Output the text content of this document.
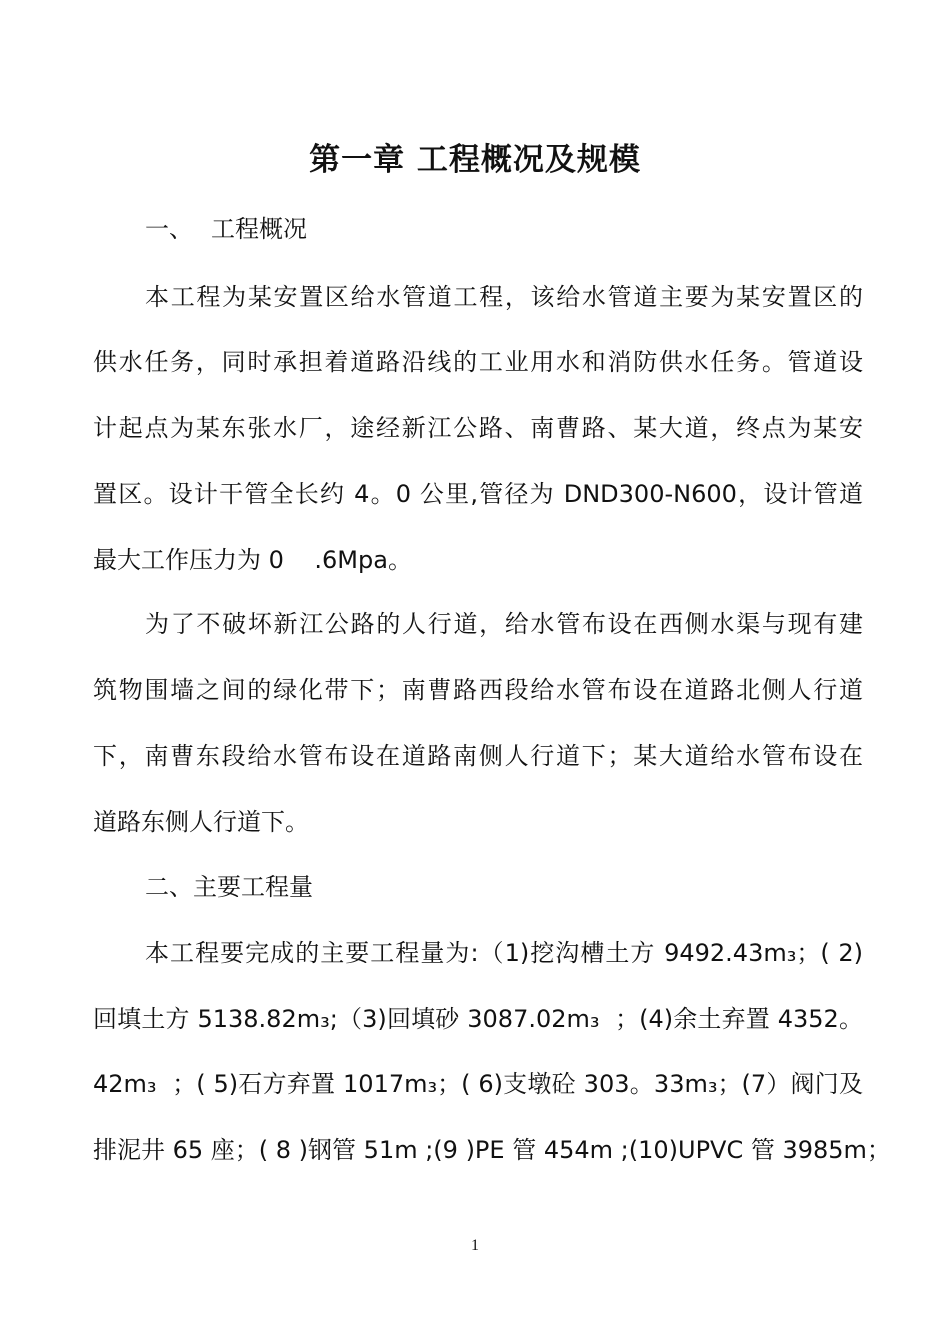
第一章 工程概况及规模
一、 工程概况
本工程为某安置区给水管道工程，该给水管道主要为某安置区的
供水任务，同时承担着道路沿线的工业用水和消防供水任务。管道设
计起点为某东张水厂，途经新江公路、南曹路、某大道，终点为某安
置区。设计干管全长约 4。0 公里,管径为 DND300-N600，设计管道
最大工作压力为 0    .6Mpa。
为了不破坏新江公路的人行道，给水管布设在西侧水渠与现有建
筑物围墙之间的绿化带下；南曹路西段给水管布设在道路北侧人行道
下，南曹东段给水管布设在道路南侧人行道下；某大道给水管布设在
道路东侧人行道下。
二、主要工程量
本工程要完成的主要工程量为:（1)挖沟槽土方 9492.43m₃；( 2)
回填土方 5138.82m₃;（3)回填砂 3087.02m₃  ；(4)余土弃置 4352。
42m₃  ；( 5)石方弃置 1017m₃；( 6)支墩砼 303。33m₃；(7）阀门及
排泥井 65 座；( 8 )钢管 51m ;(9 )PE 管 454m ;(10)UPVC 管 3985m；
1
